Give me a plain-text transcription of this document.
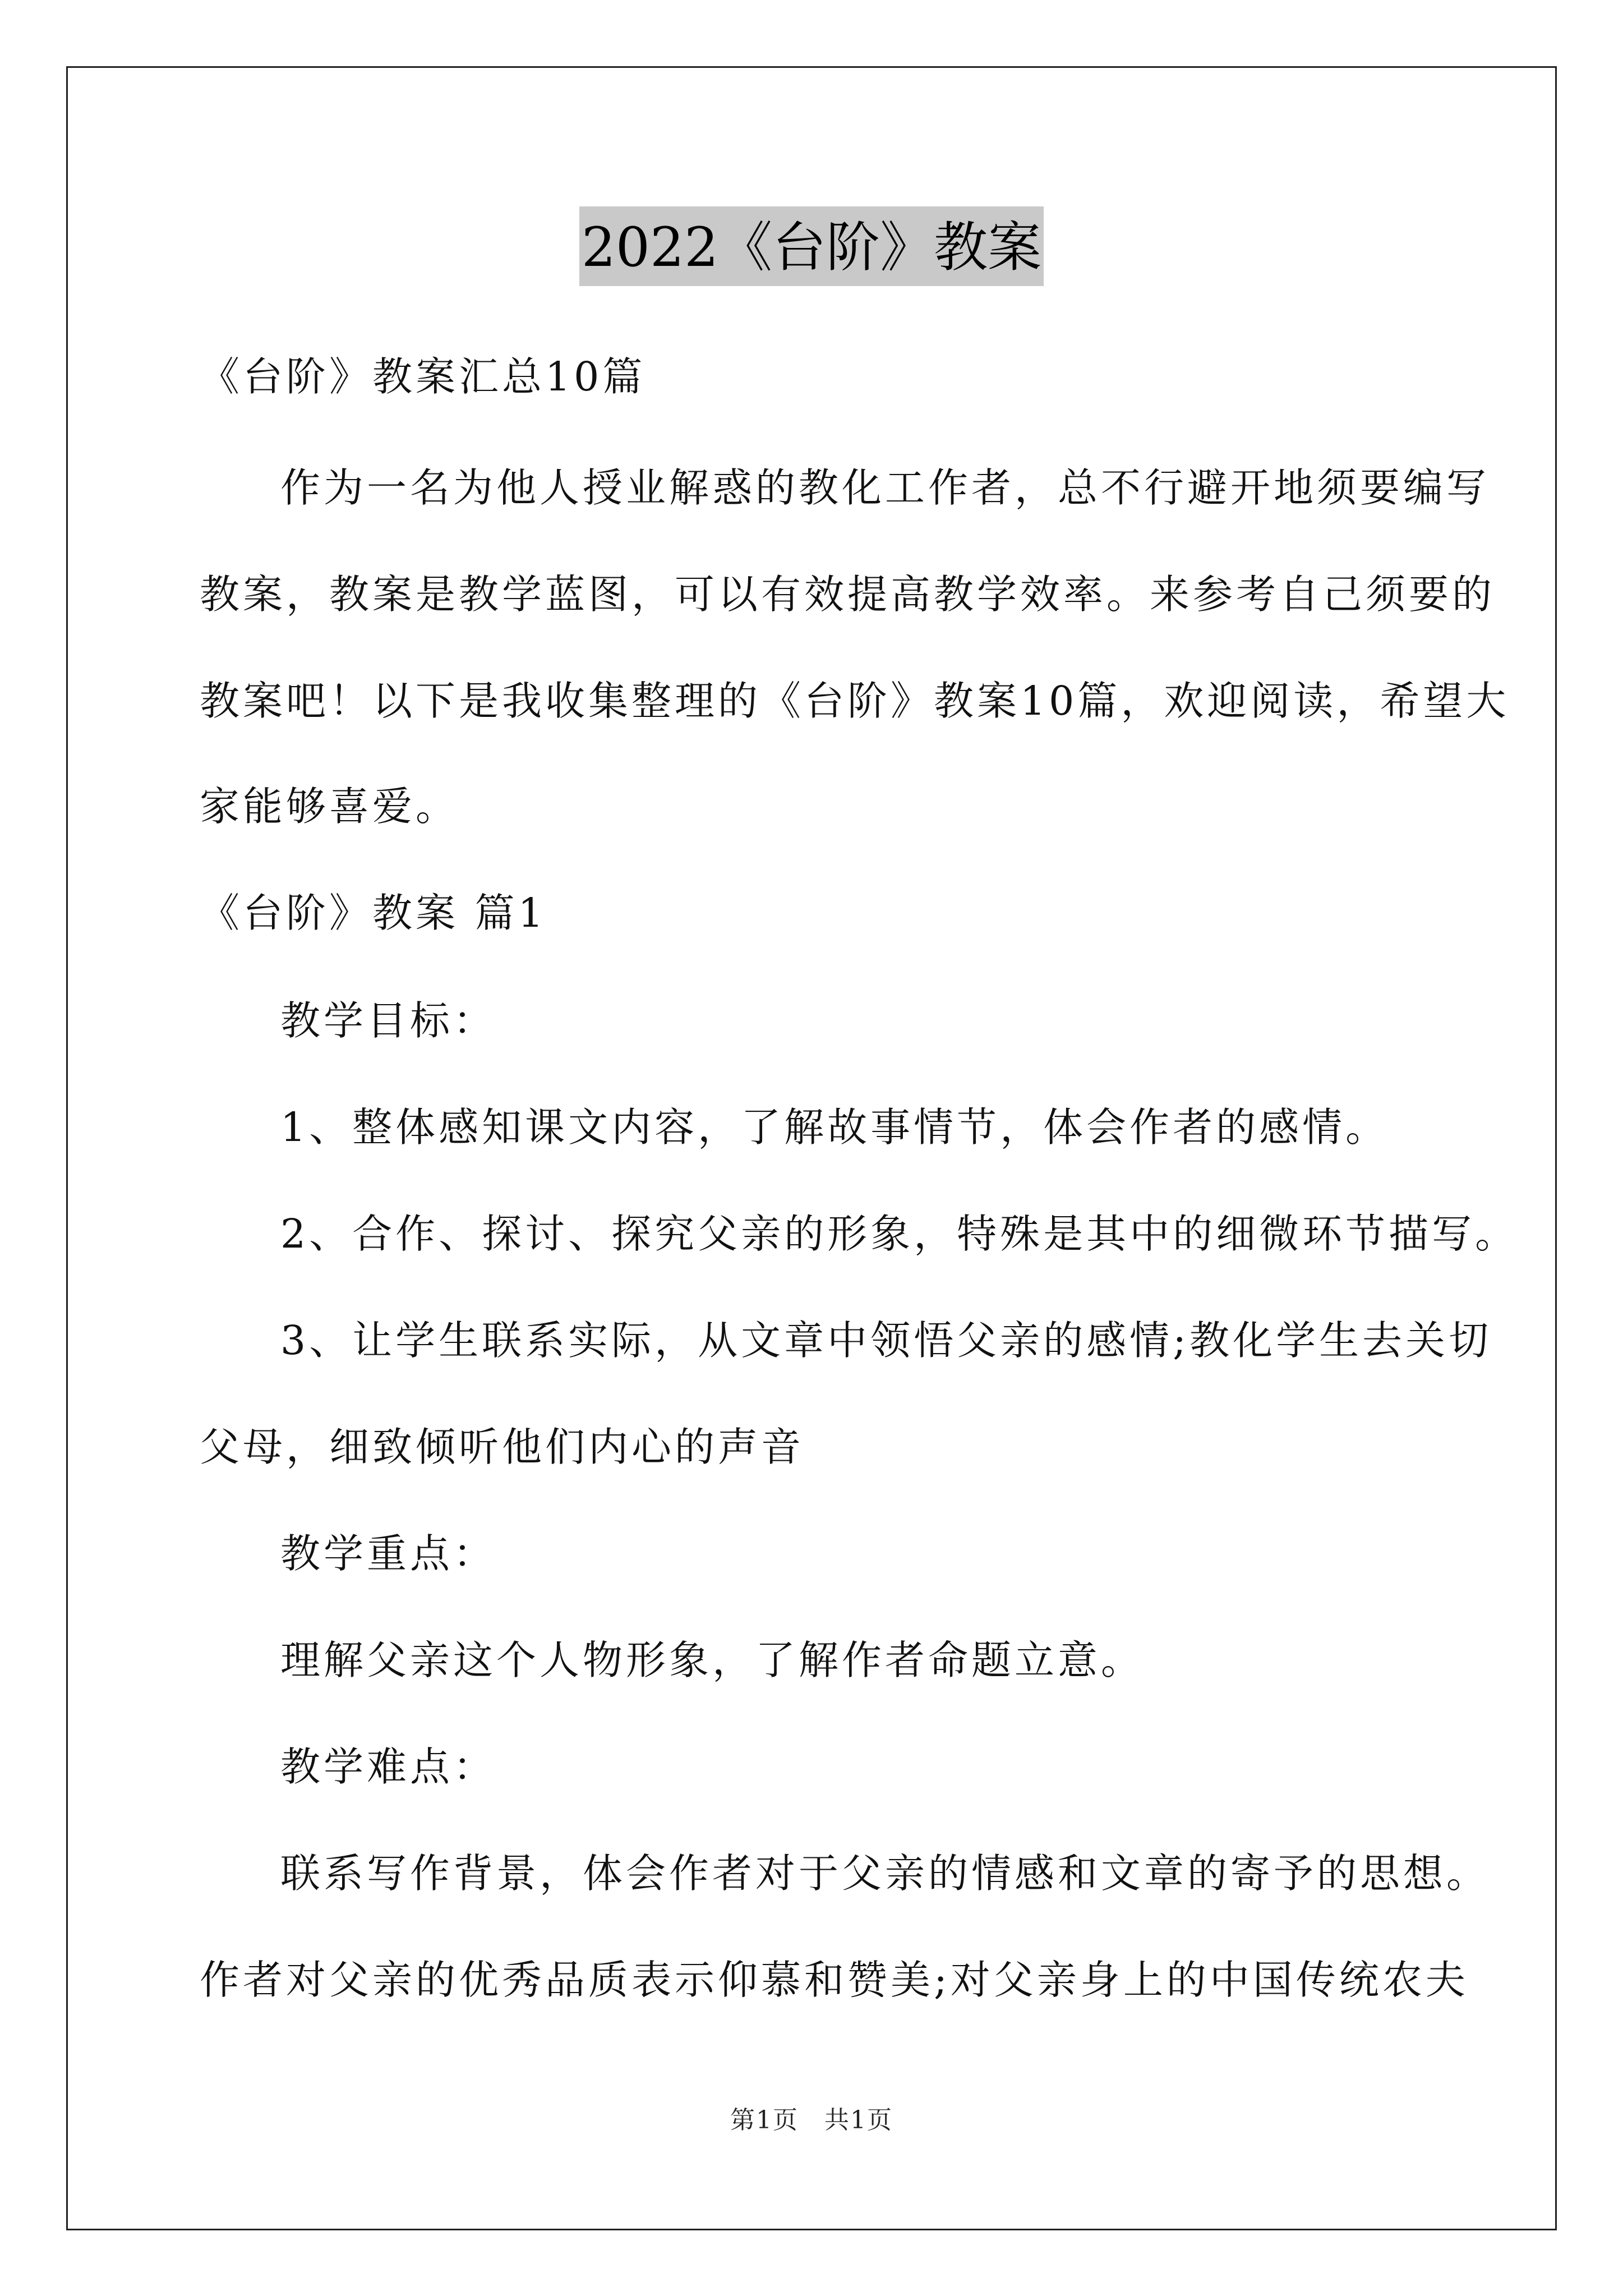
2022《台阶》教案
《台阶》教案汇总10篇
作为一名为他人授业解惑的教化工作者，总不行避开地须要编写
教案，教案是教学蓝图，可以有效提高教学效率。来参考自己须要的
教案吧！以下是我收集整理的《台阶》教案10篇，欢迎阅读，希望大
家能够喜爱。
《台阶》教案 篇1
教学目标：
1、整体感知课文内容，了解故事情节，体会作者的感情。
2、合作、探讨、探究父亲的形象，特殊是其中的细微环节描写。
3、让学生联系实际，从文章中领悟父亲的感情;教化学生去关切
父母，细致倾听他们内心的声音
教学重点：
理解父亲这个人物形象，了解作者命题立意。
教学难点：
联系写作背景，体会作者对于父亲的情感和文章的寄予的思想。
作者对父亲的优秀品质表示仰慕和赞美;对父亲身上的中国传统农夫
第1页　共1页
